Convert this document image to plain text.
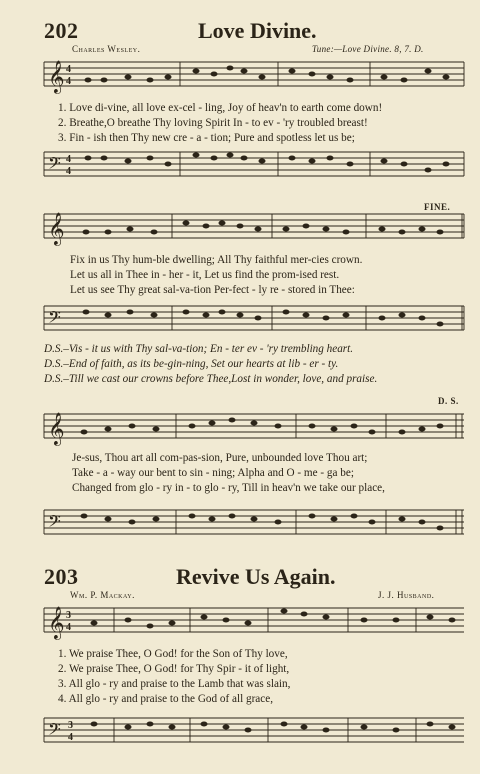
202	Love Divine.
Charles Wesley.	Tune:—Love Divine. 8, 7. D.
𝄞 4
4
1. Love di-vine, all love ex-cel - ling, Joy of heav'n to earth come down!
2. Breathe,O breathe Thy loving Spirit In - to ev - 'ry troubled breast!
3. Fin - ish then Thy new cre - a - tion; Pure and spotless let us be;
𝄢 4
4
FINE.
𝄞
Fix in us Thy hum-ble dwelling; All Thy faithful mer-cies crown.
Let us all in Thee in - her - it, Let us find the prom-ised rest.
Let us see Thy great sal-va-tion Per-fect - ly re - stored in Thee:
𝄢
D.S.–Vis - it us with Thy sal-va-tion; En - ter ev - 'ry trembling heart.
D.S.–End of faith, as its be-gin-ning, Set our hearts at lib - er - ty.
D.S.–Till we cast our crowns before Thee,Lost in wonder, love, and praise.
D. S.
𝄞
Je-sus, Thou art all com-pas-sion, Pure, unbounded love Thou art;
Take - a - way our bent to sin - ning; Alpha and O - me - ga be;
Changed from glo - ry in - to glo - ry, Till in heav'n we take our place,
𝄢
203	Revive Us Again.
Wm. P. Mackay.	J. J. Husband.
𝄞 3
4
1. We praise Thee, O God! for the Son of Thy love,
2. We praise Thee, O God! for Thy Spir - it of light,
3. All glo - ry and praise to the Lamb that was slain,
4. All glo - ry and praise to the God of all grace,
𝄢 3
4
